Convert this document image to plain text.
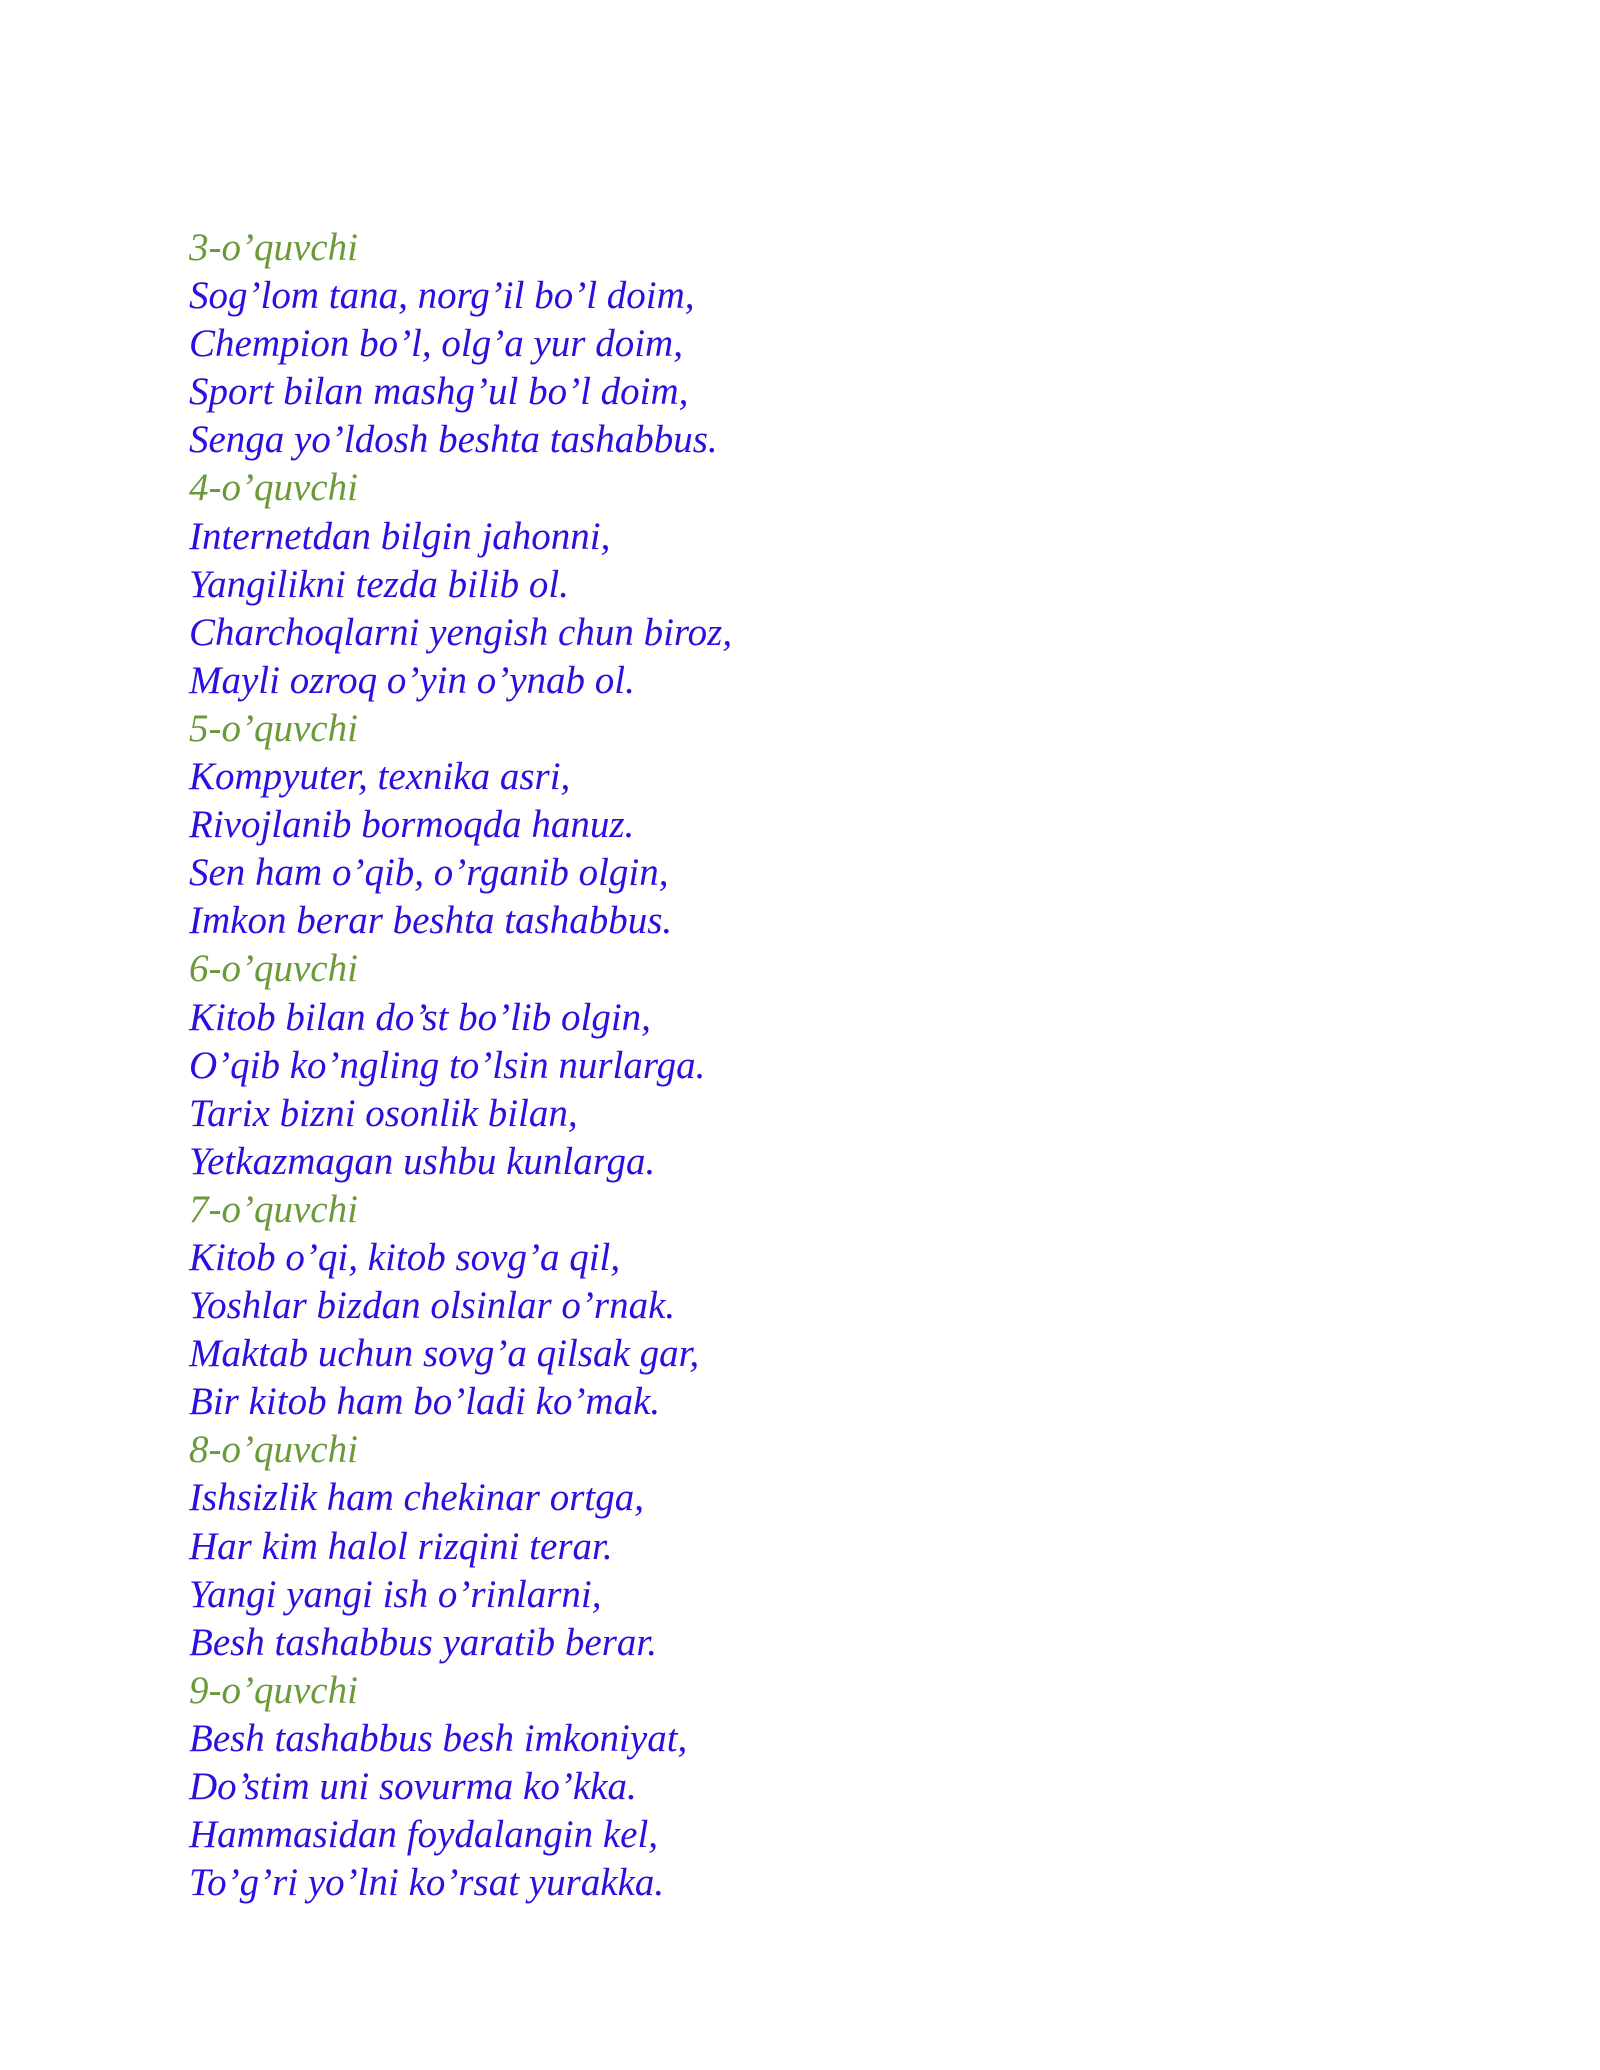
3-o’quvchi
Sog’lom tana, norg’il bo’l doim,
Chempion bo’l, olg’a yur doim,
Sport bilan mashg’ul bo’l doim,
Senga yo’ldosh beshta tashabbus.
4-o’quvchi
Internetdan bilgin jahonni,
Yangilikni tezda bilib ol.
Charchoqlarni yengish chun biroz,
Mayli ozroq o’yin o’ynab ol.
5-o’quvchi
Kompyuter, texnika asri,
Rivojlanib bormoqda hanuz.
Sen ham o’qib, o’rganib olgin,
Imkon berar beshta tashabbus.
6-o’quvchi
Kitob bilan do’st bo’lib olgin,
O’qib ko’ngling to’lsin nurlarga.
Tarix bizni osonlik bilan,
Yetkazmagan ushbu kunlarga.
7-o’quvchi
Kitob o’qi, kitob sovg’a qil,
Yoshlar bizdan olsinlar o’rnak.
Maktab uchun sovg’a qilsak gar,
Bir kitob ham bo’ladi ko’mak.
8-o’quvchi
Ishsizlik ham chekinar ortga,
Har kim halol rizqini terar.
Yangi yangi ish o’rinlarni,
Besh tashabbus yaratib berar.
9-o’quvchi
Besh tashabbus besh imkoniyat,
Do’stim uni sovurma ko’kka.
Hammasidan foydalangin kel,
To’g’ri yo’lni ko’rsat yurakka.
